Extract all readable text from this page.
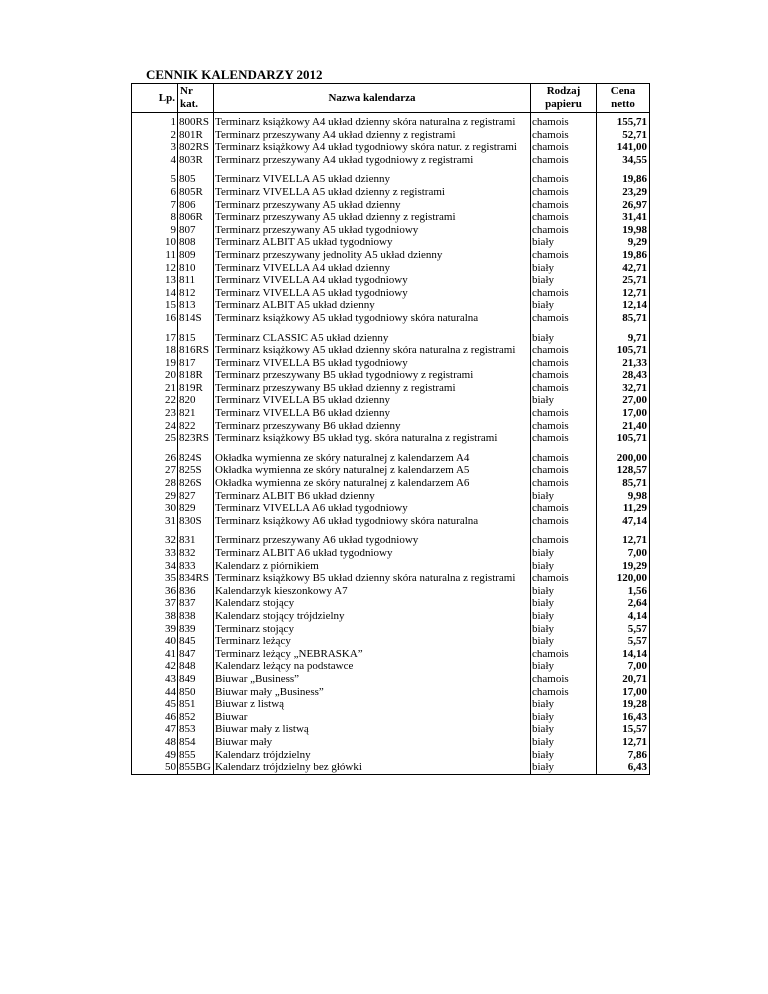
CENNIK KALENDARZY 2012
Lp.	Nr kat.	Nazwa kalendarza	Rodzaj papieru	Cena netto
1	800RS	Terminarz książkowy A4 układ dzienny skóra naturalna z registrami	chamois	155,71
2	801R	Terminarz przeszywany A4 układ dzienny z registrami	chamois	52,71
3	802RS	Terminarz książkowy A4 układ tygodniowy skóra natur. z registrami	chamois	141,00
4	803R	Terminarz przeszywany A4 układ tygodniowy z registrami	chamois	34,55

5	805	Terminarz VIVELLA A5 układ dzienny	chamois	19,86
6	805R	Terminarz VIVELLA A5 układ dzienny z registrami	chamois	23,29
7	806	Terminarz przeszywany A5 układ dzienny	chamois	26,97
8	806R	Terminarz przeszywany A5 układ dzienny z registrami	chamois	31,41
9	807	Terminarz przeszywany A5 układ tygodniowy	chamois	19,98
10	808	Terminarz ALBIT A5 układ tygodniowy	biały	9,29
11	809	Terminarz przeszywany jednolity A5 układ dzienny	chamois	19,86
12	810	Terminarz VIVELLA A4 układ dzienny	biały	42,71
13	811	Terminarz VIVELLA A4 układ tygodniowy	biały	25,71
14	812	Terminarz VIVELLA A5 układ tygodniowy	chamois	12,71
15	813	Terminarz ALBIT A5 układ dzienny	biały	12,14
16	814S	Terminarz książkowy A5 układ tygodniowy skóra naturalna	chamois	85,71

17	815	Terminarz CLASSIC A5 układ dzienny	biały	9,71
18	816RS	Terminarz książkowy A5 układ dzienny skóra naturalna z registrami	chamois	105,71
19	817	Terminarz VIVELLA B5 układ tygodniowy	chamois	21,33
20	818R	Terminarz przeszywany B5 układ tygodniowy z registrami	chamois	28,43
21	819R	Terminarz przeszywany B5 układ dzienny z registrami	chamois	32,71
22	820	Terminarz VIVELLA B5 układ dzienny	biały	27,00
23	821	Terminarz VIVELLA B6 układ dzienny	chamois	17,00
24	822	Terminarz przeszywany B6 układ dzienny	chamois	21,40
25	823RS	Terminarz książkowy B5 układ tyg. skóra naturalna z registrami	chamois	105,71

26	824S	Okładka wymienna ze skóry naturalnej z kalendarzem A4	chamois	200,00
27	825S	Okładka wymienna ze skóry naturalnej z kalendarzem A5	chamois	128,57
28	826S	Okładka wymienna ze skóry naturalnej z kalendarzem A6	chamois	85,71
29	827	Terminarz ALBIT B6 układ dzienny	biały	9,98
30	829	Terminarz VIVELLA A6 układ tygodniowy	chamois	11,29
31	830S	Terminarz książkowy A6 układ tygodniowy skóra naturalna	chamois	47,14

32	831	Terminarz przeszywany A6 układ tygodniowy	chamois	12,71
33	832	Terminarz ALBIT A6 układ tygodniowy	biały	7,00
34	833	Kalendarz z piórnikiem	biały	19,29
35	834RS	Terminarz książkowy B5 układ dzienny skóra naturalna z registrami	chamois	120,00
36	836	Kalendarzyk kieszonkowy A7	biały	1,56
37	837	Kalendarz stojący	biały	2,64
38	838	Kalendarz stojący trójdzielny	biały	4,14
39	839	Terminarz stojący	biały	5,57
40	845	Terminarz leżący	biały	5,57
41	847	Terminarz leżący „NEBRASKA”	chamois	14,14
42	848	Kalendarz leżący na podstawce	biały	7,00
43	849	Biuwar „Business”	chamois	20,71
44	850	Biuwar mały „Business”	chamois	17,00
45	851	Biuwar z listwą	biały	19,28
46	852	Biuwar	biały	16,43
47	853	Biuwar mały z listwą	biały	15,57
48	854	Biuwar mały	biały	12,71
49	855	Kalendarz trójdzielny	biały	7,86
50	855BG	Kalendarz trójdzielny bez główki	biały	6,43
